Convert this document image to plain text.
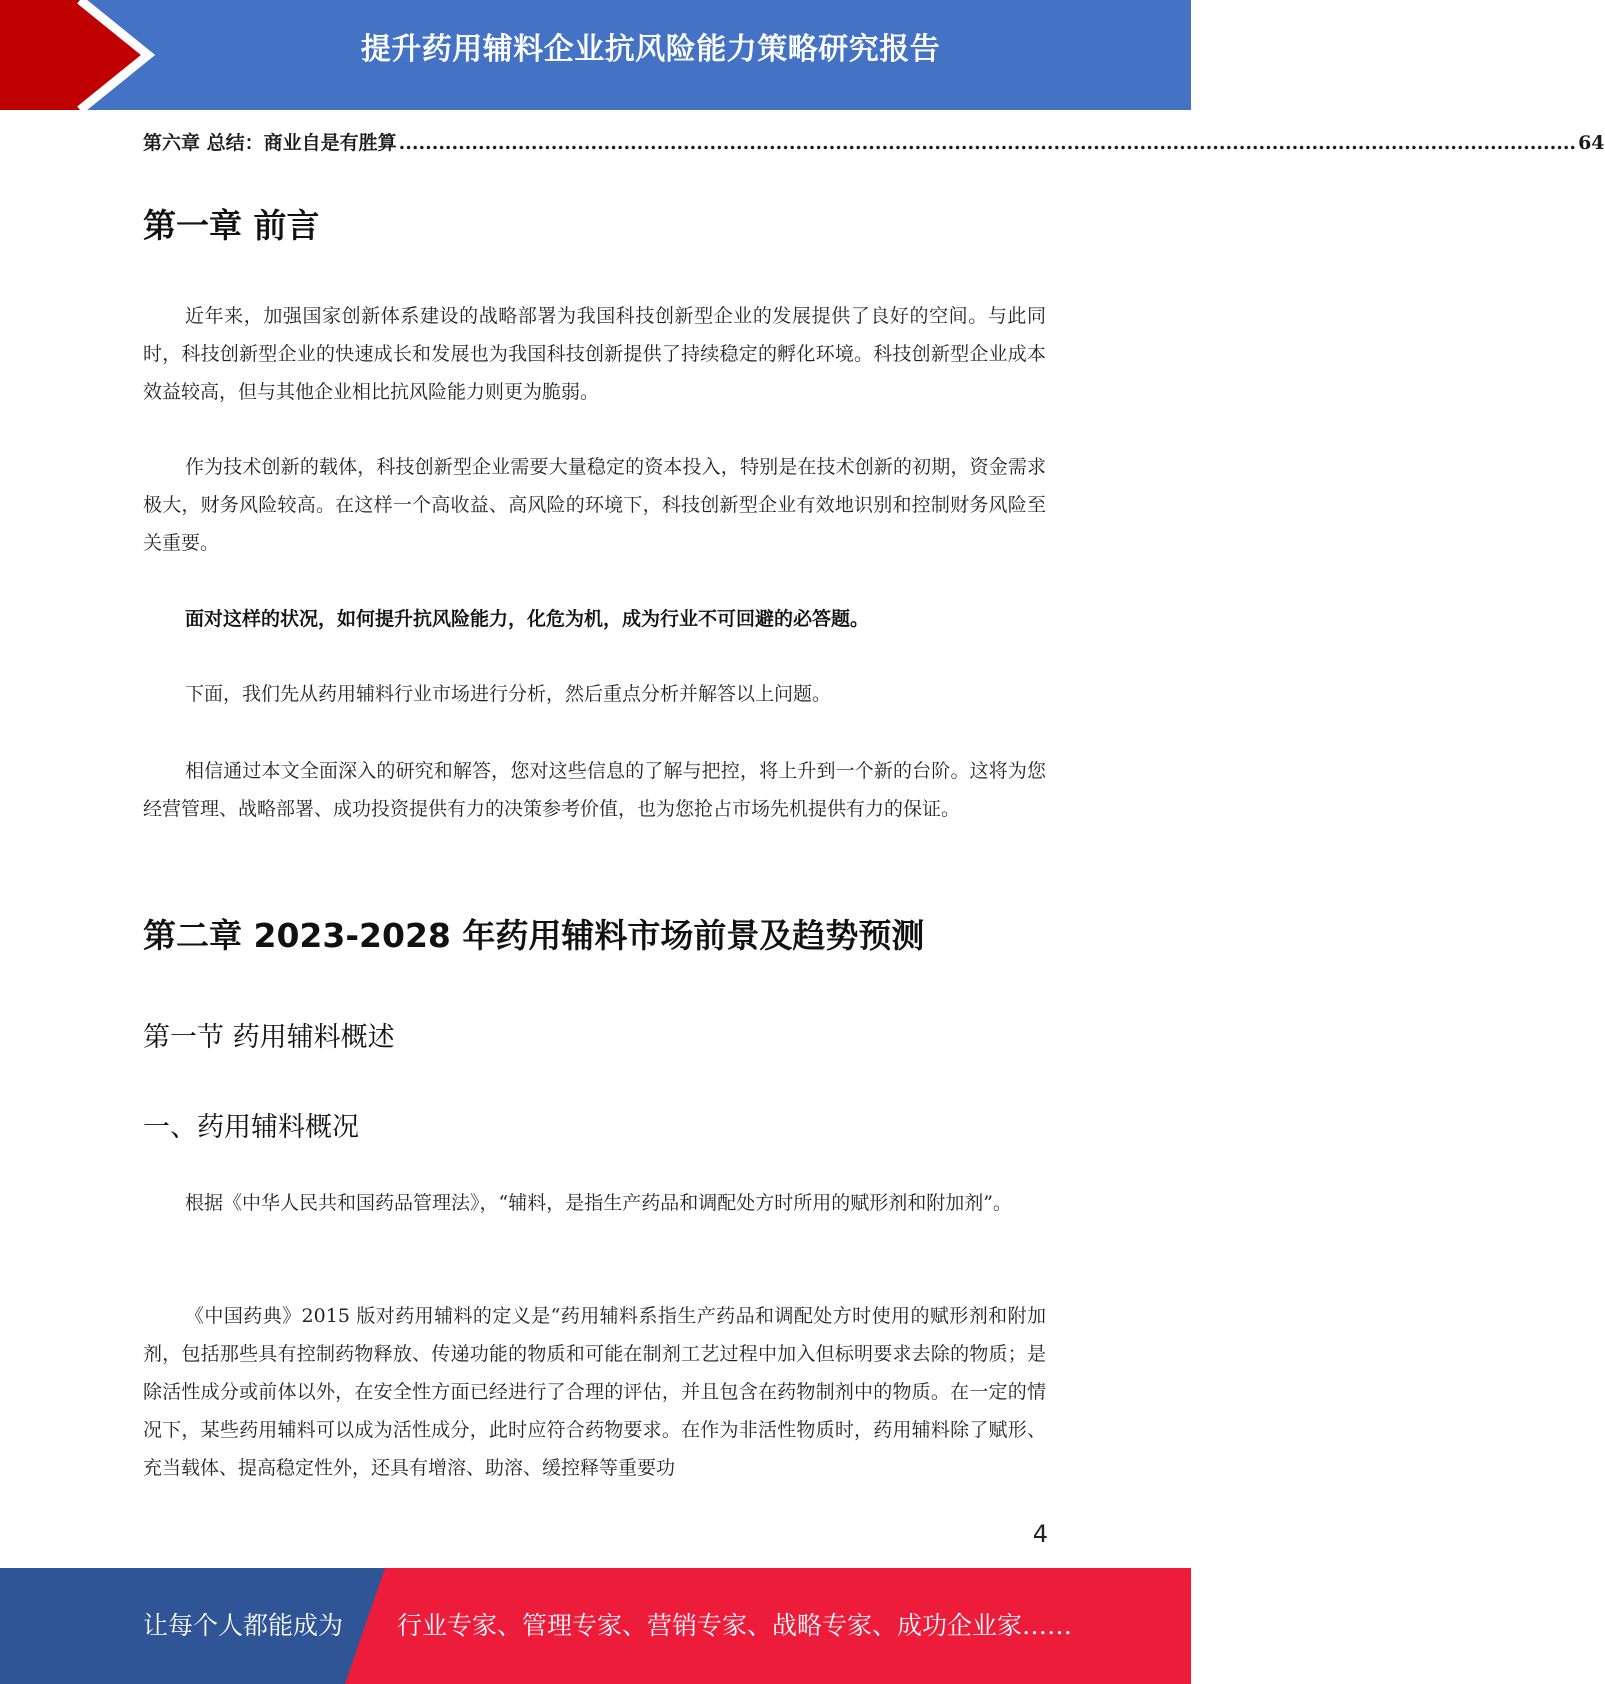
提升药用辅料企业抗风险能力策略研究报告
第六章 总结：商业自是有胜算 .................................................................................................................................................................................. 64
第一章 前言

近年来，加强国家创新体系建设的战略部署为我国科技创新型企业的发展提供了良好的空间。与此同时，科技创新型企业的快速成长和发展也为我国科技创新提供了持续稳定的孵化环境。科技创新型企业成本效益较高，但与其他企业相比抗风险能力则更为脆弱。

作为技术创新的载体，科技创新型企业需要大量稳定的资本投入，特别是在技术创新的初期，资金需求极大，财务风险较高。在这样一个高收益、高风险的环境下，科技创新型企业有效地识别和控制财务风险至关重要。

面对这样的状况，如何提升抗风险能力，化危为机，成为行业不可回避的必答题。

下面，我们先从药用辅料行业市场进行分析，然后重点分析并解答以上问题。

相信通过本文全面深入的研究和解答，您对这些信息的了解与把控，将上升到一个新的台阶。这将为您经营管理、战略部署、成功投资提供有力的决策参考价值，也为您抢占市场先机提供有力的保证。

第二章 2023-2028 年药用辅料市场前景及趋势预测
第一节 药用辅料概述
一、药用辅料概况

根据《中华人民共和国药品管理法》，“辅料，是指生产药品和调配处方时所用的赋形剂和附加剂”。

《中国药典》2015 版对药用辅料的定义是“药用辅料系指生产药品和调配处方时使用的赋形剂和附加剂，包括那些具有控制药物释放、传递功能的物质和可能在制剂工艺过程中加入但标明要求去除的物质；是除活性成分或前体以外，在安全性方面已经进行了合理的评估，并且包含在药物制剂中的物质。在一定的情况下，某些药用辅料可以成为活性成分，此时应符合药物要求。在作为非活性物质时，药用辅料除了赋形、充当载体、提高稳定性外，还具有增溶、助溶、缓控释等重要功

4
让每个人都能成为 行业专家、管理专家、营销专家、战略专家、成功企业家……
